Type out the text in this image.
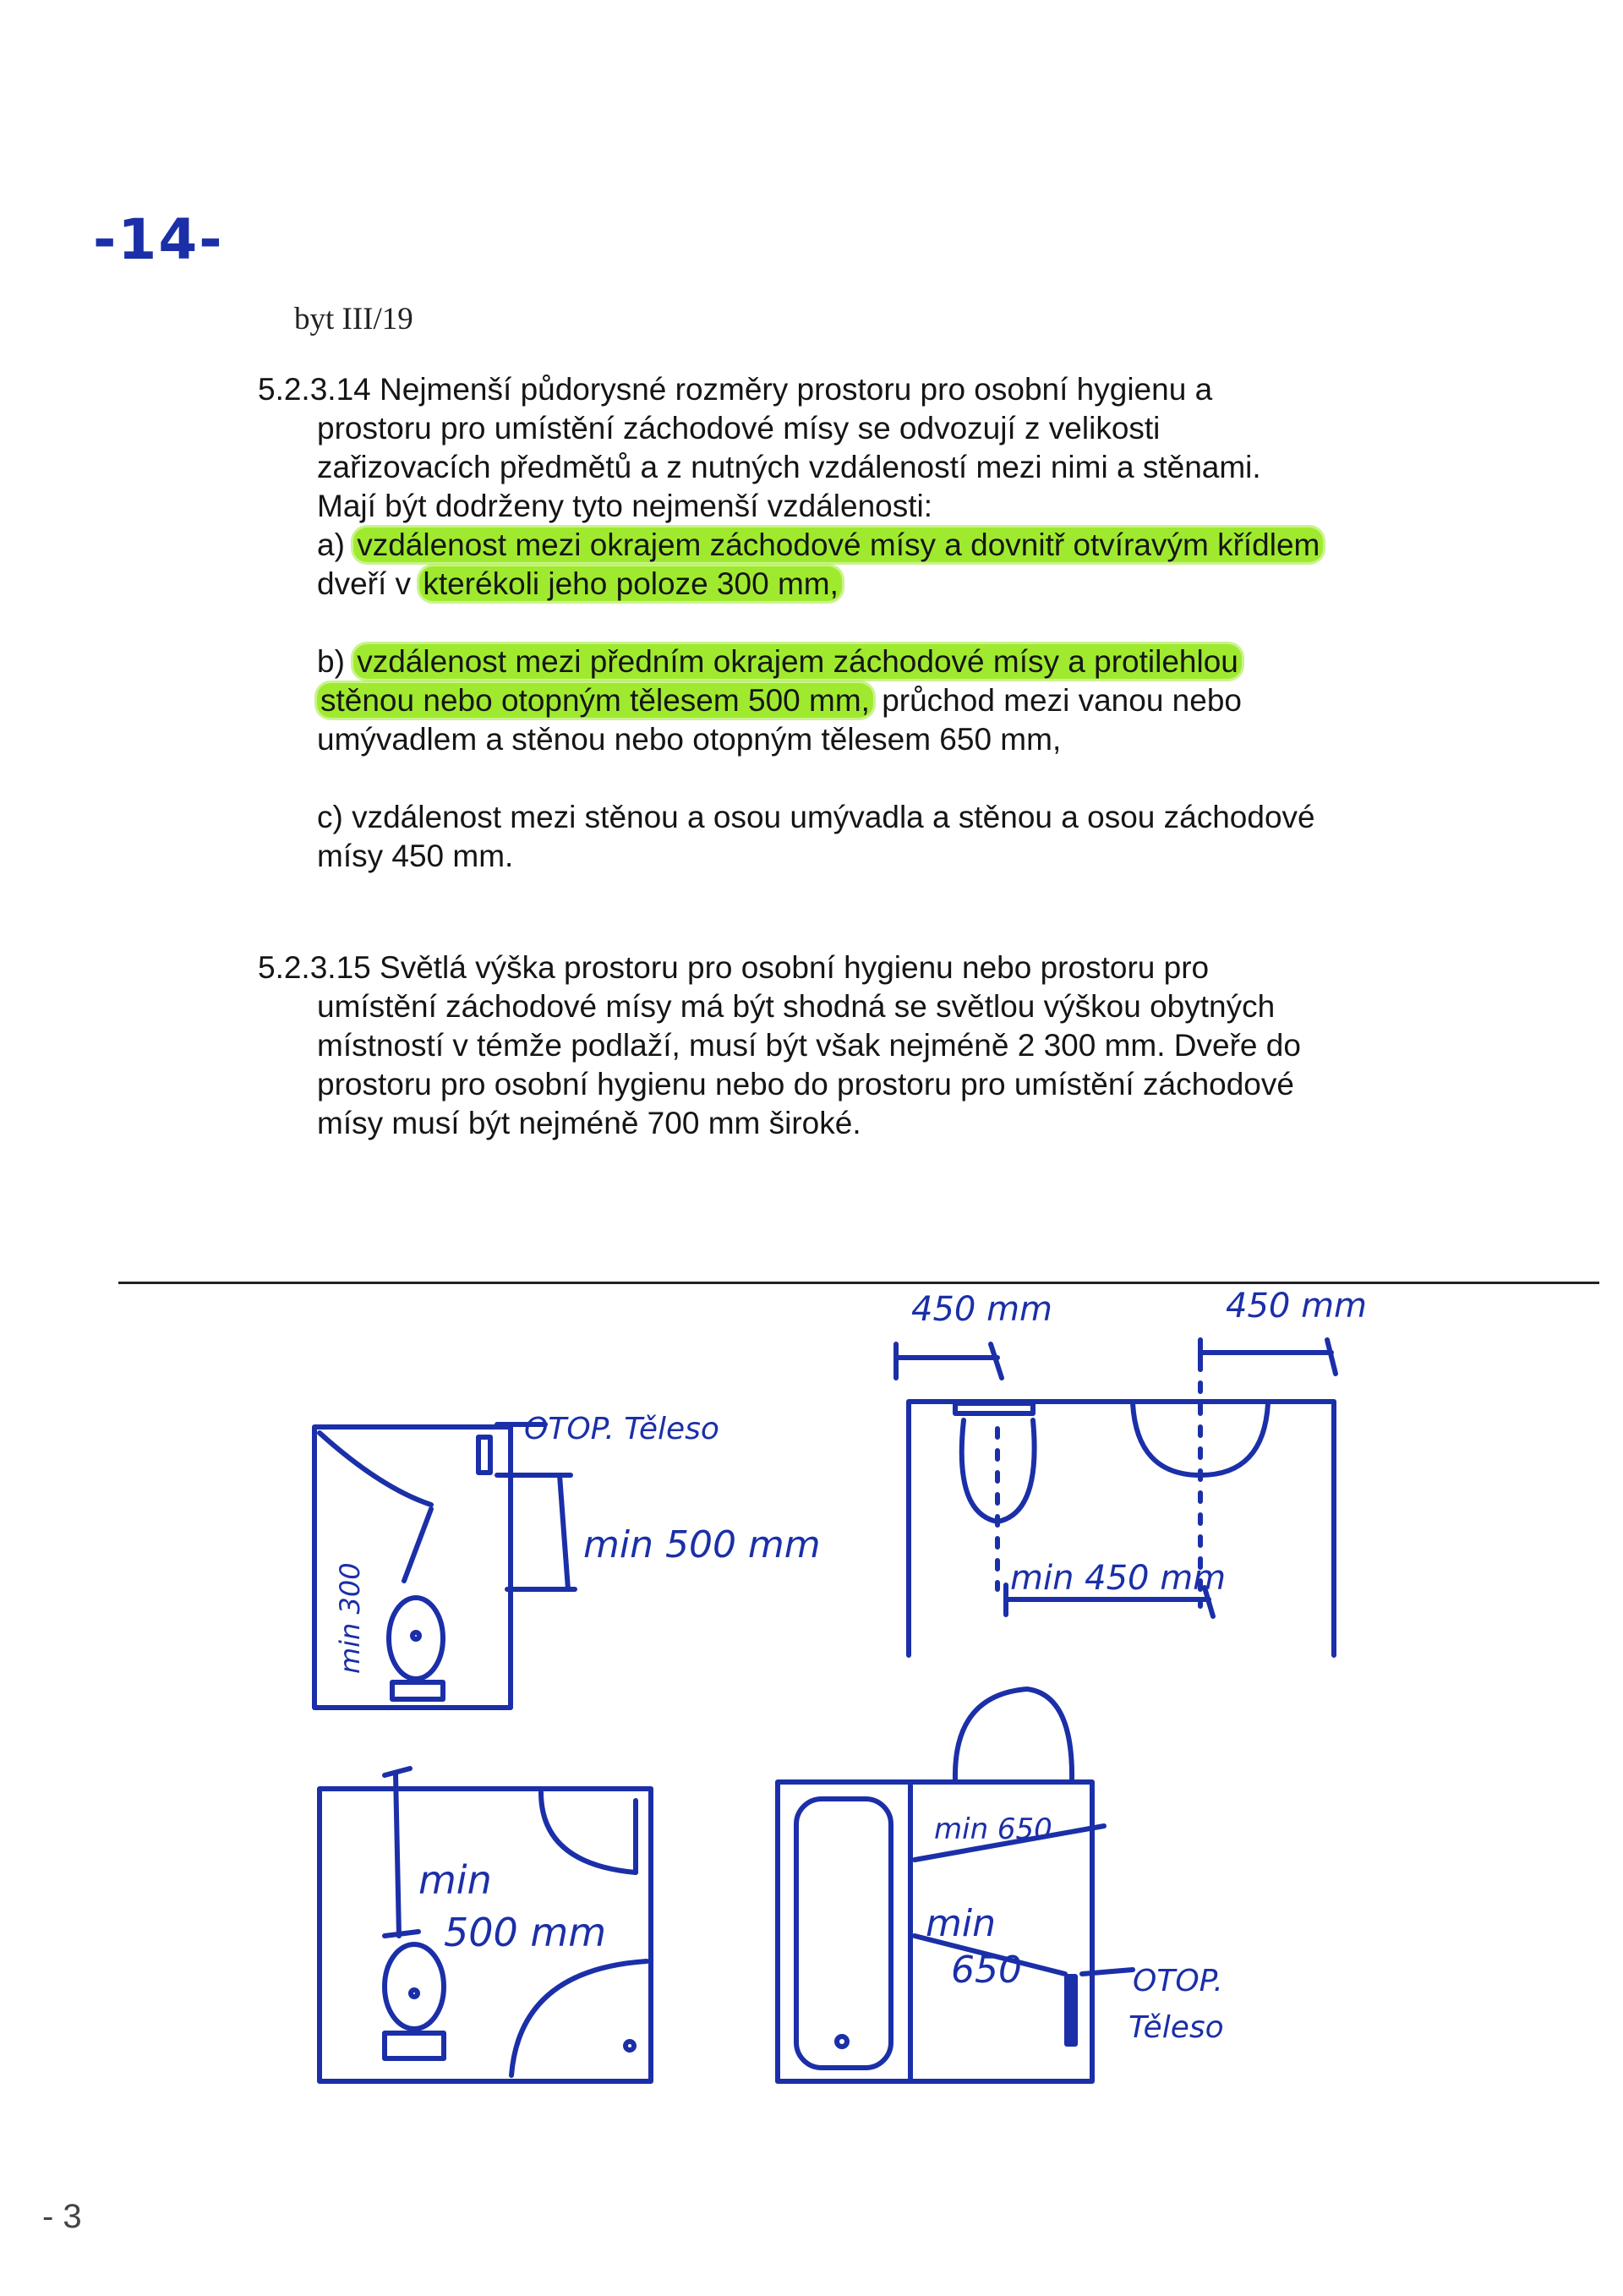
-14-
byt III/19
5.2.3.14 Nejmenší půdorysné rozměry prostoru pro osobní hygienu a
prostoru pro umístění záchodové mísy se odvozují z velikosti
zařizovacích předmětů a z nutných vzdáleností mezi nimi a stěnami.
Mají být dodrženy tyto nejmenší vzdálenosti:
a) vzdálenost mezi okrajem záchodové mísy a dovnitř otvíravým křídlem
dveří v kterékoli jeho poloze 300 mm,
b) vzdálenost mezi předním okrajem záchodové mísy a protilehlou
stěnou nebo otopným tělesem 500 mm, průchod mezi vanou nebo
umývadlem a stěnou nebo otopným tělesem 650 mm,
c) vzdálenost mezi stěnou a osou umývadla a stěnou a osou záchodové
mísy 450 mm.
5.2.3.15 Světlá výška prostoru pro osobní hygienu nebo prostoru pro
umístění záchodové mísy má být shodná se světlou výškou obytných
místností v témže podlaží, musí být však nejméně 2 300 mm. Dveře do
prostoru pro osobní hygienu nebo do prostoru pro umístění záchodové
mísy musí být nejméně 700 mm široké.
OTOP. Těleso
min 500 mm
min 300
450 mm	450 mm
min 450 mm
min
500 mm
min 650
min
650	OTOP.
Těleso
- 3
